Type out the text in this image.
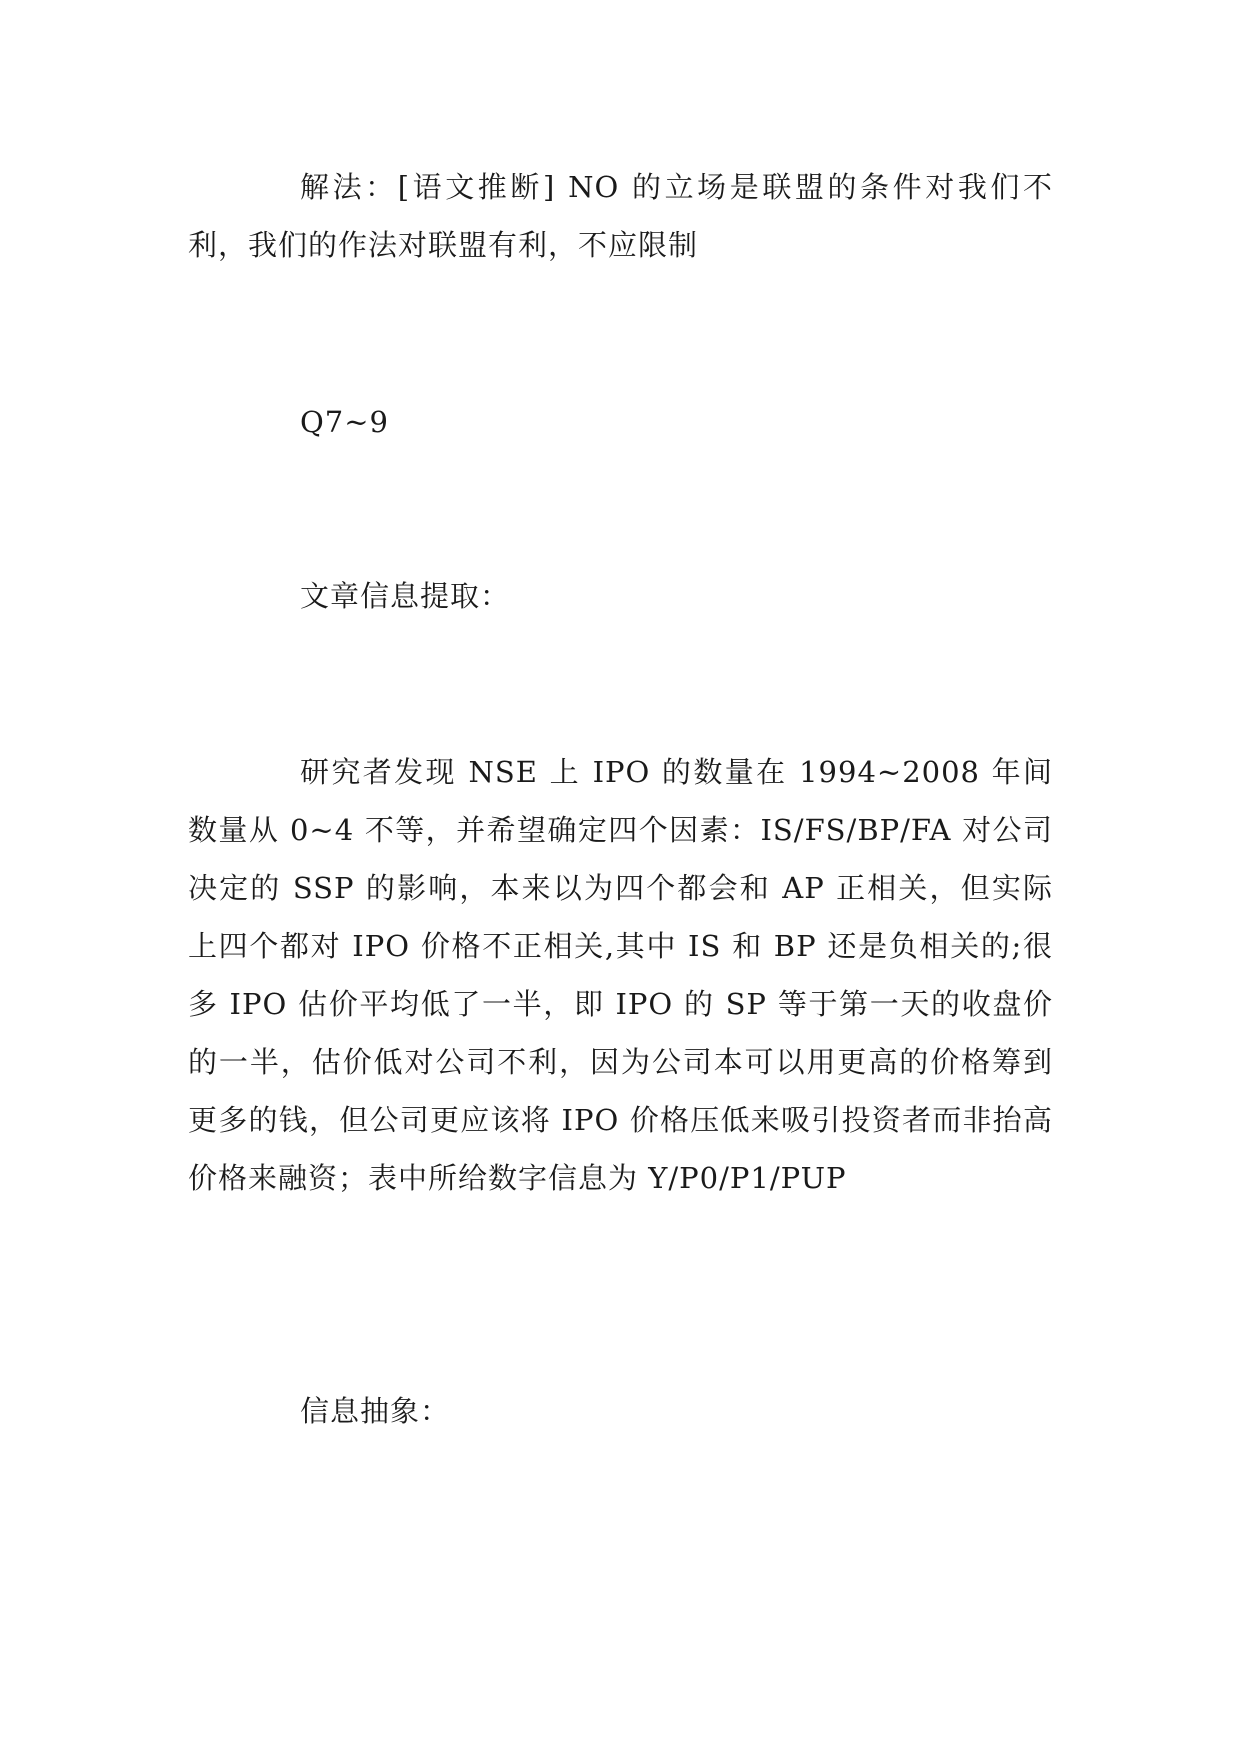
解法：[语文推断] NO 的立场是联盟的条件对我们不利，我们的作法对联盟有利，不应限制

Q7~9

文章信息提取：

研究者发现 NSE 上 IPO 的数量在 1994~2008 年间数量从 0~4 不等，并希望确定四个因素：IS/FS/BP/FA 对公司决定的 SSP 的影响，本来以为四个都会和 AP 正相关，但实际上四个都对 IPO 价格不正相关,其中 IS 和 BP 还是负相关的;很多 IPO 估价平均低了一半，即 IPO 的 SP 等于第一天的收盘价的一半，估价低对公司不利，因为公司本可以用更高的价格筹到更多的钱，但公司更应该将 IPO 价格压低来吸引投资者而非抬高价格来融资；表中所给数字信息为 Y/P0/P1/PUP

信息抽象：
